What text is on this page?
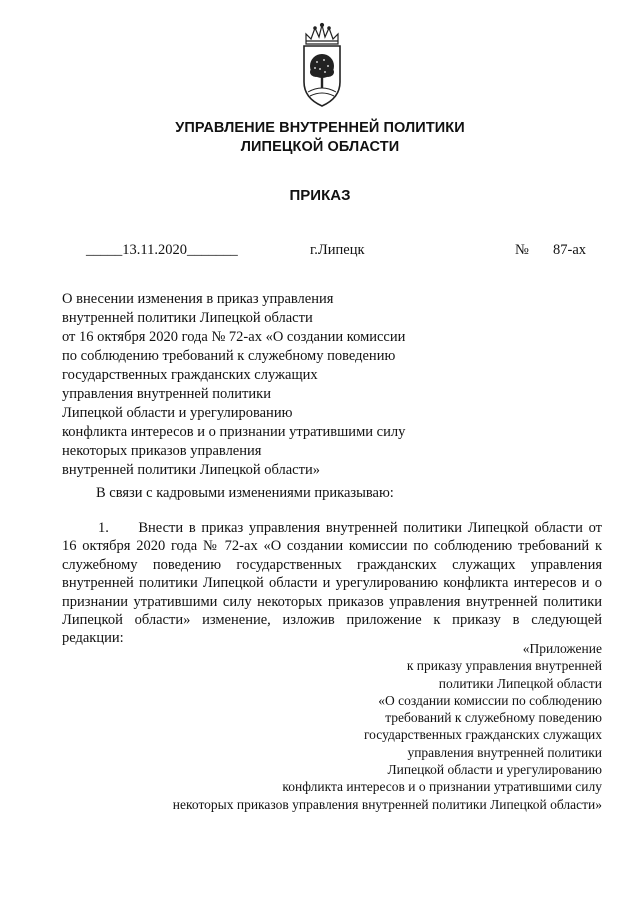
УПРАВЛЕНИЕ ВНУТРЕННЕЙ ПОЛИТИКИ
ЛИПЕЦКОЙ ОБЛАСТИ
ПРИКАЗ
_____13.11.2020_______	г.Липецк	№ 87-ах
О внесении изменения в приказ управления
внутренней политики Липецкой области
от 16 октября 2020 года № 72-ах «О создании комиссии
по соблюдению требований к служебному поведению
государственных гражданских служащих
управления внутренней политики
Липецкой области и урегулированию
конфликта интересов и о признании утратившими силу
некоторых приказов управления
внутренней политики Липецкой области»
В связи с кадровыми изменениями приказываю:
1. Внести в приказ управления внутренней политики Липецкой области от
16 октября 2020 года № 72-ах «О создании комиссии по соблюдению требований к
служебному поведению государственных гражданских служащих управления
внутренней политики Липецкой области и урегулированию конфликта интересов и о
признании утратившими силу некоторых приказов управления внутренней политики
Липецкой области» изменение, изложив приложение к приказу в следующей
редакции:
«Приложение
к приказу управления внутренней
политики Липецкой области
«О создании комиссии по соблюдению
требований к служебному поведению
государственных гражданских служащих
управления внутренней политики
Липецкой области и урегулированию
конфликта интересов и о признании утратившими силу
некоторых приказов управления внутренней политики Липецкой области»
